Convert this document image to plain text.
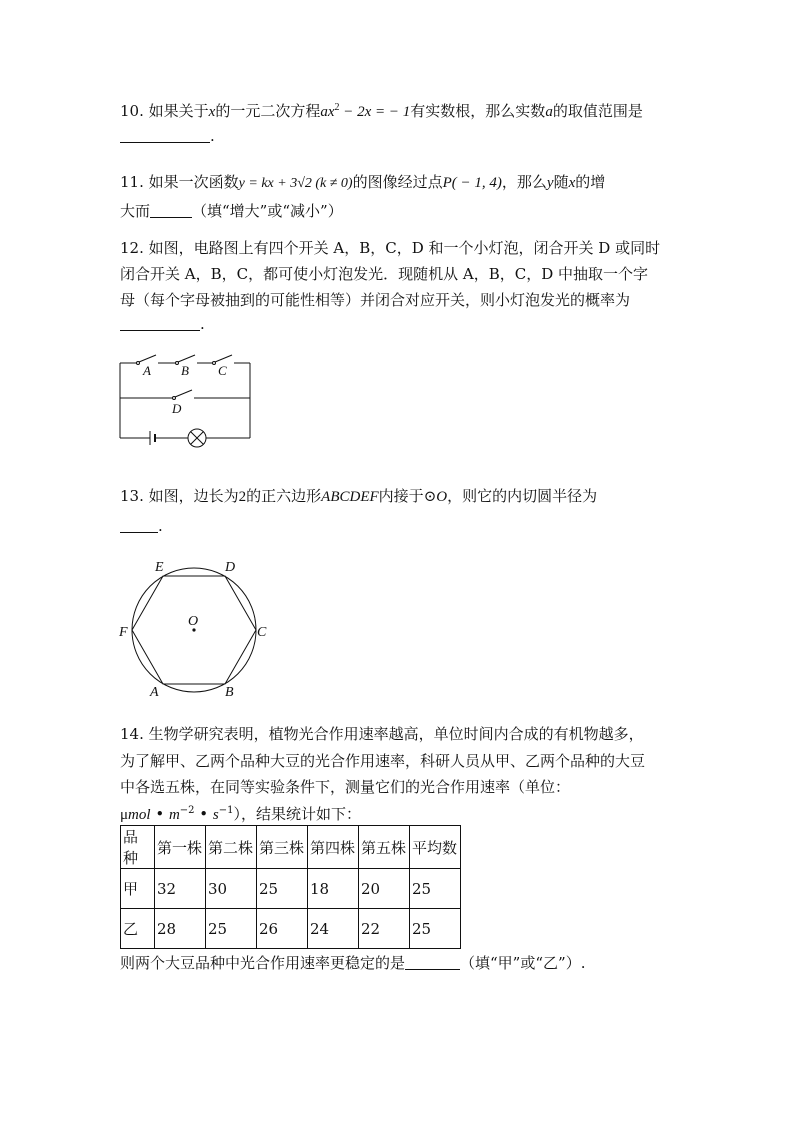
10. 如果关于x的一元二次方程$ax^2 - 2x$ = − 1有实数根，那么实数a的取值范围是
.
11. 如果一次函数y = kx + 3√2 (k ≠ 0)的图像经过点P( − 1, 4)，那么y随x的增
大而	（填“增大”或“减小”）
12. 如图，电路图上有四个开关 A，B，C，D 和一个小灯泡，闭合开关 D 或同时
闭合开关 A，B，C，都可使小灯泡发光．现随机从 A，B，C，D 中抽取一个字
母（每个字母被抽到的可能性相等）并闭合对应开关，则小灯泡发光的概率为
.
A B C
D
13. 如图，边长为2的正六边形ABCDEF内接于⊙O，则它的内切圆半径为
.
E	D
F
O
C
A	B
14. 生物学研究表明，植物光合作用速率越高，单位时间内合成的有机物越多，
为了解甲、乙两个品种大豆的光合作用速率，科研人员从甲、乙两个品种的大豆
中各选五株，在同等实验条件下，测量它们的光合作用速率（单位：
μmol • $m^{-2}$ • $s^{-1}$），结果统计如下：
品种	第一株	第二株	第三株	第四株	第五株	平均数
甲	32	30	25	18	20	25
乙	28	25	26	24	22	25
则两个大豆品种中光合作用速率更稳定的是	（填“甲”或“乙”）.
